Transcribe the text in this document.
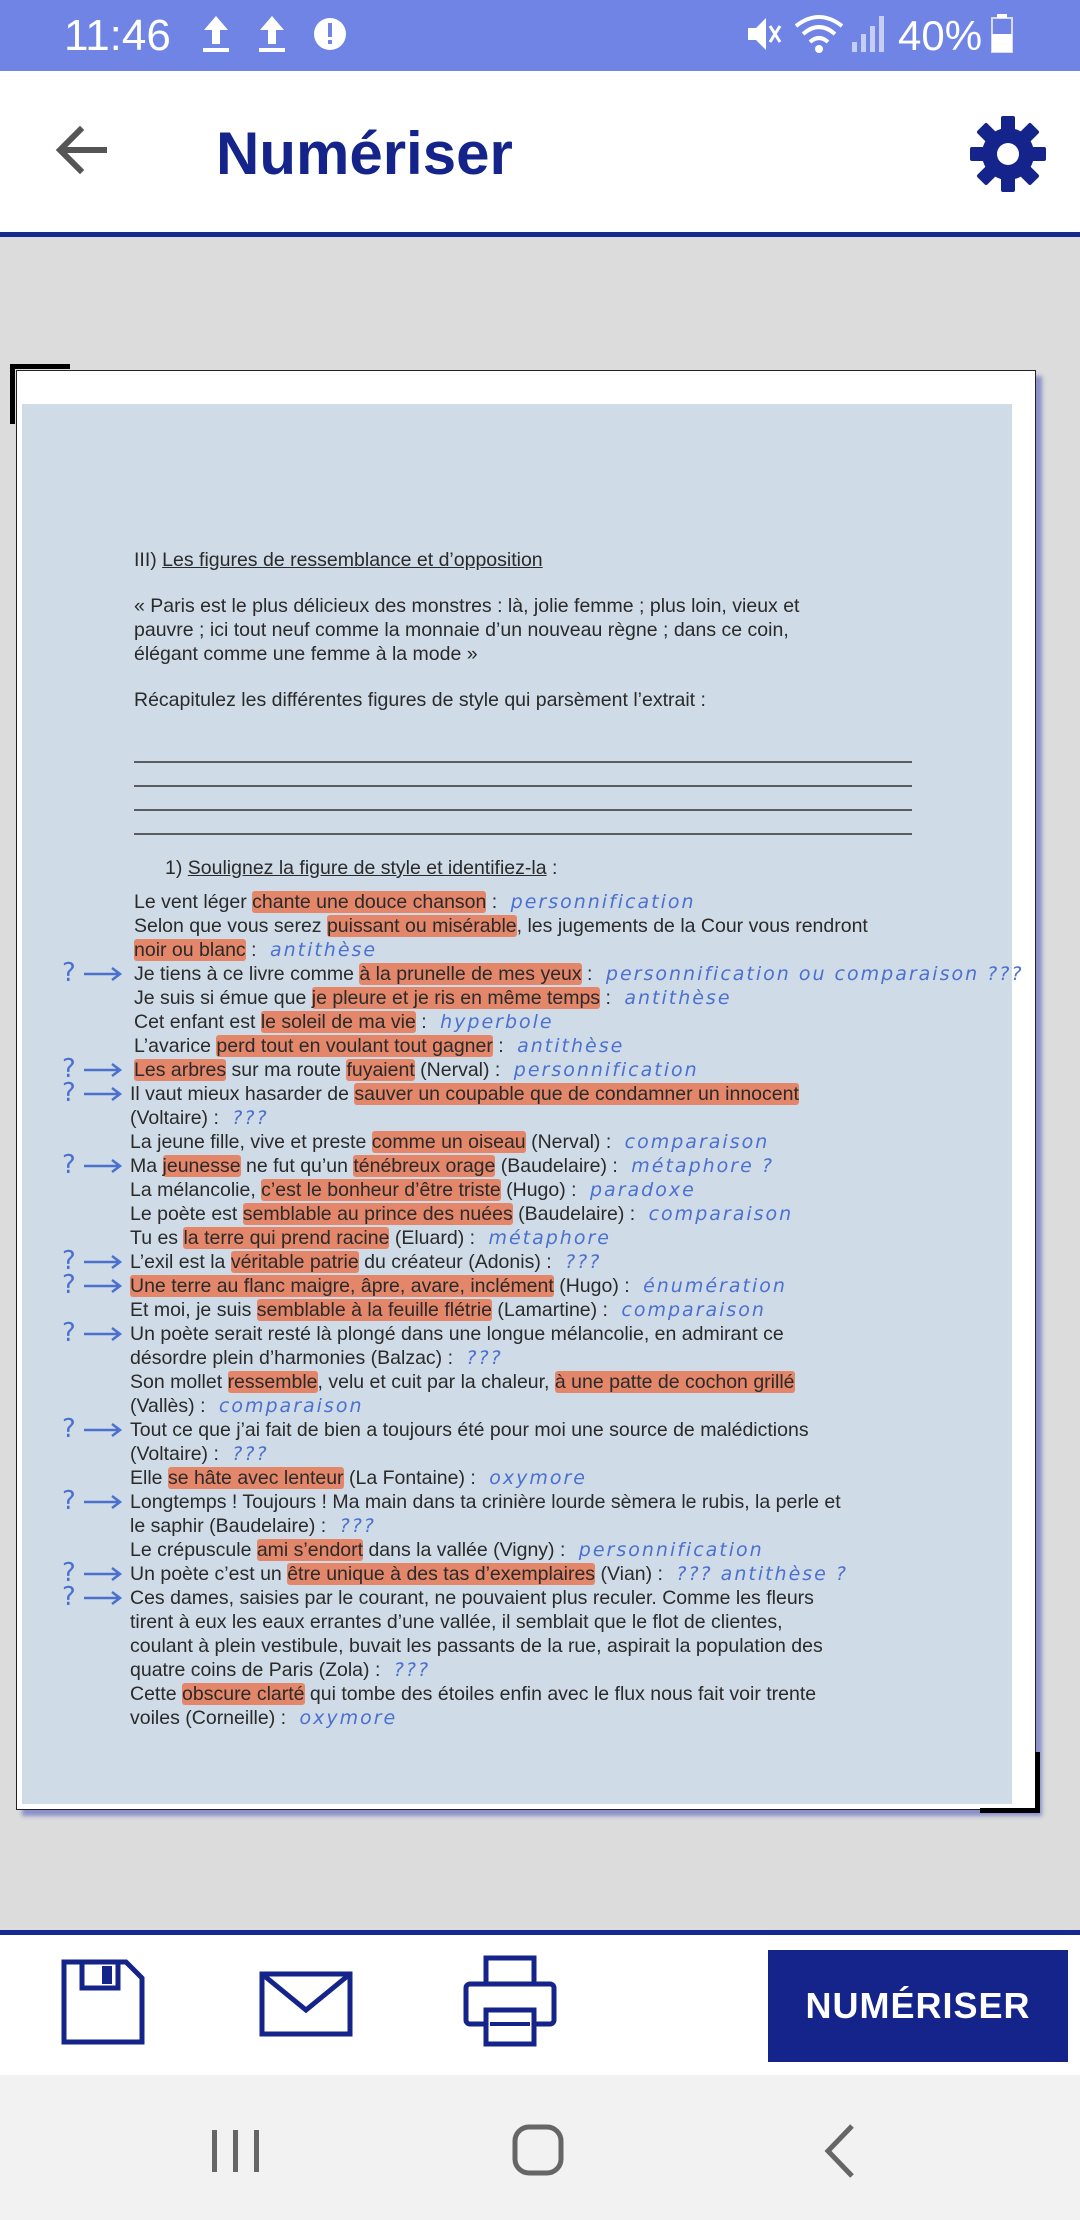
11:46	40%
Numériser
III) Les figures de ressemblance et d’opposition
« Paris est le plus délicieux des monstres : là, jolie femme ; plus loin, vieux et
pauvre ; ici tout neuf comme la monnaie d’un nouveau règne ; dans ce coin,
élégant comme une femme à la mode »
Récapitulez les différentes figures de style qui parsèment l’extrait :
1) Soulignez la figure de style et identifiez-la :
Le vent léger chante une douce chanson : personnification
Selon que vous serez puissant ou misérable, les jugements de la Cour vous rendront
noir ou blanc : antithèse
Je tiens à ce livre comme à la prunelle de mes yeux : personnification ou comparaison ???
?
Je suis si émue que je pleure et je ris en même temps : antithèse
Cet enfant est le soleil de ma vie : hyperbole
L’avarice perd tout en voulant tout gagner : antithèse
Les arbres sur ma route fuyaient (Nerval) : personnification
?
Il vaut mieux hasarder de sauver un coupable que de condamner un innocent
?
(Voltaire) : ???
La jeune fille, vive et preste comme un oiseau (Nerval) : comparaison
Ma jeunesse ne fut qu’un ténébreux orage (Baudelaire) : métaphore ?
?
La mélancolie, c’est le bonheur d’être triste (Hugo) : paradoxe
Le poète est semblable au prince des nuées (Baudelaire) : comparaison
Tu es la terre qui prend racine (Eluard) : métaphore
L’exil est la véritable patrie du créateur (Adonis) : ???
?
Une terre au flanc maigre, âpre, avare, inclément (Hugo) : énumération
?
Et moi, je suis semblable à la feuille flétrie (Lamartine) : comparaison
Un poète serait resté là plongé dans une longue mélancolie, en admirant ce
?
désordre plein d’harmonies (Balzac) : ???
Son mollet ressemble, velu et cuit par la chaleur, à une patte de cochon grillé
(Vallès) : comparaison
Tout ce que j’ai fait de bien a toujours été pour moi une source de malédictions
?
(Voltaire) : ???
Elle se hâte avec lenteur (La Fontaine) : oxymore
Longtemps ! Toujours ! Ma main dans ta crinière lourde sèmera le rubis, la perle et
?
le saphir (Baudelaire) : ???
Le crépuscule ami s’endort dans la vallée (Vigny) : personnification
Un poète c’est un être unique à des tas d’exemplaires (Vian) : ??? antithèse ?
?
Ces dames, saisies par le courant, ne pouvaient plus reculer. Comme les fleurs
?
tirent à eux les eaux errantes d’une vallée, il semblait que le flot de clientes,
coulant à plein vestibule, buvait les passants de la rue, aspirait la population des
quatre coins de Paris (Zola) : ???
Cette obscure clarté qui tombe des étoiles enfin avec le flux nous fait voir trente
voiles (Corneille) : oxymore
NUMÉRISER
